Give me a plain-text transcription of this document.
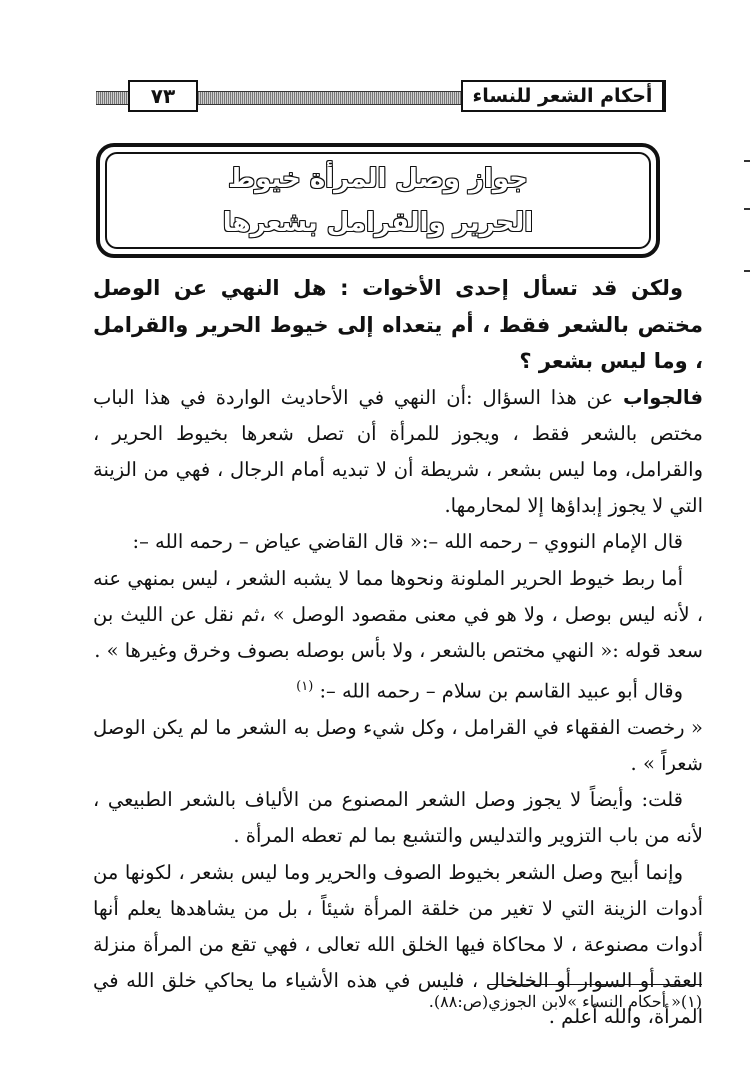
٧٣	أحكام الشعر للنساء
جواز وصل المرأة خيوط
الحرير والقرامل بشعرها

ولكن قد تسأل إحدى الأخوات : هل النهي عن الوصل مختص بالشعر فقط ، أم يتعداه إلى خيوط الحرير والقرامل ، وما ليس بشعر ؟

فالجواب عن هذا السؤال :أن النهي في الأحاديث الواردة في هذا الباب مختص بالشعر فقط ، ويجوز للمرأة أن تصل شعرها بخيوط الحرير ، والقرامل، وما ليس بشعر ، شريطة أن لا تبديه أمام الرجال ، فهي من الزينة التي لا يجوز إبداؤها إلا لمحارمها.

قال الإمام النووي – رحمه الله –:« قال القاضي عياض – رحمه الله –:

أما ربط خيوط الحرير الملونة ونحوها مما لا يشبه الشعر ، ليس بمنهي عنه ، لأنه ليس بوصل ، ولا هو في معنى مقصود الوصل » ،ثم نقل عن الليث بن سعد قوله :« النهي مختص بالشعر ، ولا بأس بوصله بصوف وخرق وغيرها » .

وقال أبو عبيد القاسم بن سلام – رحمه الله –: $^{(١)}$

« رخصت الفقهاء في القرامل ، وكل شيء وصل به الشعر ما لم يكن الوصل شعراً » .

قلت: وأيضاً لا يجوز وصل الشعر المصنوع من الألياف بالشعر الطبيعي ، لأنه من باب التزوير والتدليس والتشبع بما لم تعطه المرأة .

وإنما أبيح وصل الشعر بخيوط الصوف والحرير وما ليس بشعر ، لكونها من أدوات الزينة التي لا تغير من خلقة المرأة شيئاً ، بل من يشاهدها يعلم أنها أدوات مصنوعة ، لا محاكاة فيها الخلق الله تعالى ، فهي تقع من المرأة منزلة العقد أو السوار أو الخلخال ، فليس في هذه الأشياء ما يحاكي خلق الله في المرأة، والله أعلم .

(١)« أحكام النساء »لابن الجوزي(ص:٨٨).
